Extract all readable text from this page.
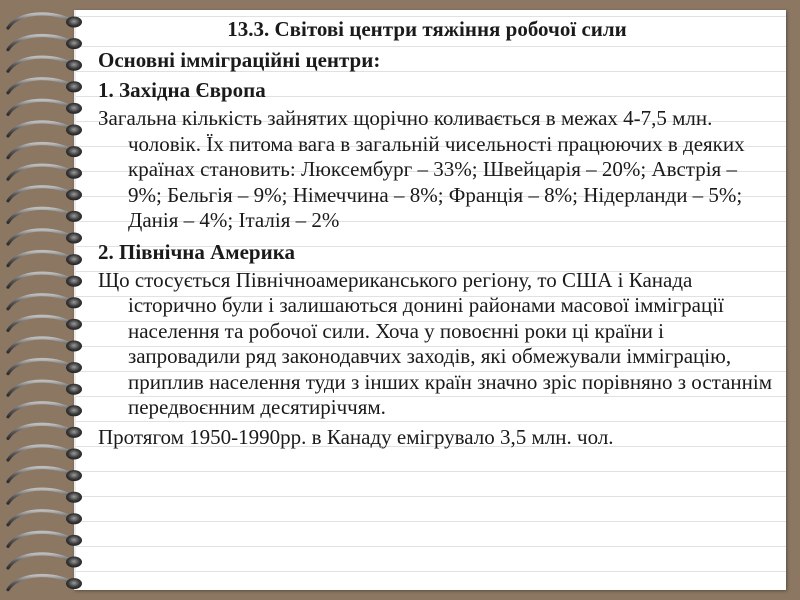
13.3. Світові центри тяжіння робочої сили
Основні імміграційні центри:
1. Західна Європа

Загальна кількість зайнятих щорічно коливається в межах 4-7,5 млн. чоловік. Їх питома вага в загальній чисельності працюючих в деяких країнах становить: Люксембург – 33%; Швейцарія – 20%; Австрія – 9%; Бельгія – 9%; Німеччина – 8%; Франція – 8%; Нідерланди – 5%; Данія – 4%; Італія – 2%

2. Північна Америка

Що стосується Північноамериканського регіону, то США і Канада історично були і залишаються донині районами масової імміграції населення та робочої сили. Хоча у повоєнні роки ці країни і запровадили ряд законодавчих заходів, які обмежували імміграцію, приплив населення туди з інших країн значно зріс порівняно з останнім передвоєнним десятиріччям.

Протягом 1950-1990рр. в Канаду емігрувало 3,5 млн. чол.
